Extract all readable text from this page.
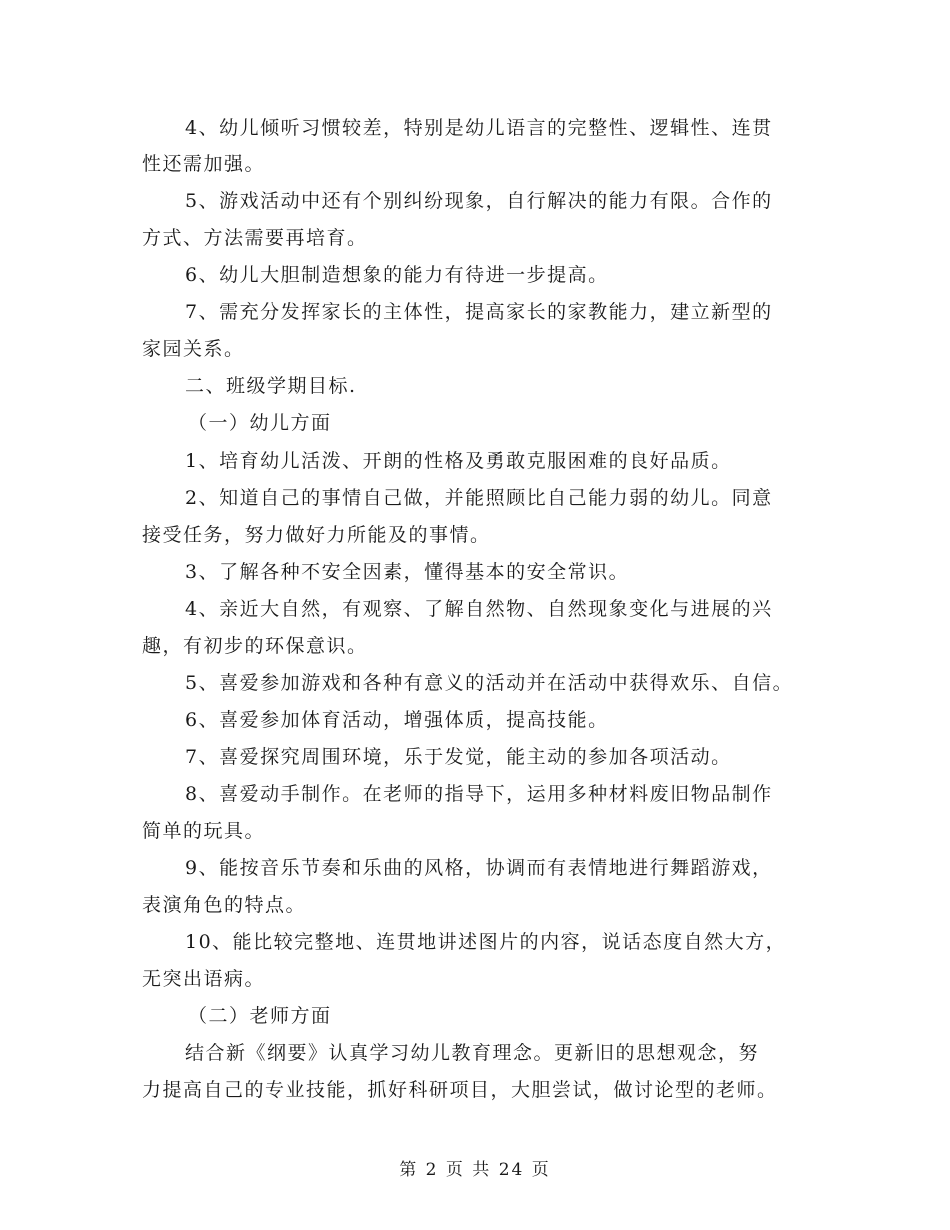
4、幼儿倾听习惯较差，特别是幼儿语言的完整性、逻辑性、连贯
性还需加强。
5、游戏活动中还有个别纠纷现象，自行解决的能力有限。合作的
方式、方法需要再培育。
6、幼儿大胆制造想象的能力有待进一步提高。
7、需充分发挥家长的主体性，提高家长的家教能力，建立新型的
家园关系。
二、班级学期目标.
（一）幼儿方面
1、培育幼儿活泼、开朗的性格及勇敢克服困难的良好品质。
2、知道自己的事情自己做，并能照顾比自己能力弱的幼儿。同意
接受任务，努力做好力所能及的事情。
3、了解各种不安全因素，懂得基本的安全常识。
4、亲近大自然，有观察、了解自然物、自然现象变化与进展的兴
趣，有初步的环保意识。
5、喜爱参加游戏和各种有意义的活动并在活动中获得欢乐、自信。
6、喜爱参加体育活动，增强体质，提高技能。
7、喜爱探究周围环境，乐于发觉，能主动的参加各项活动。
8、喜爱动手制作。在老师的指导下，运用多种材料废旧物品制作
简单的玩具。
9、能按音乐节奏和乐曲的风格，协调而有表情地进行舞蹈游戏，
表演角色的特点。
10、能比较完整地、连贯地讲述图片的内容，说话态度自然大方，
无突出语病。
（二）老师方面
结合新《纲要》认真学习幼儿教育理念。更新旧的思想观念，努
力提高自己的专业技能，抓好科研项目，大胆尝试，做讨论型的老师。
第 2 页 共 24 页
